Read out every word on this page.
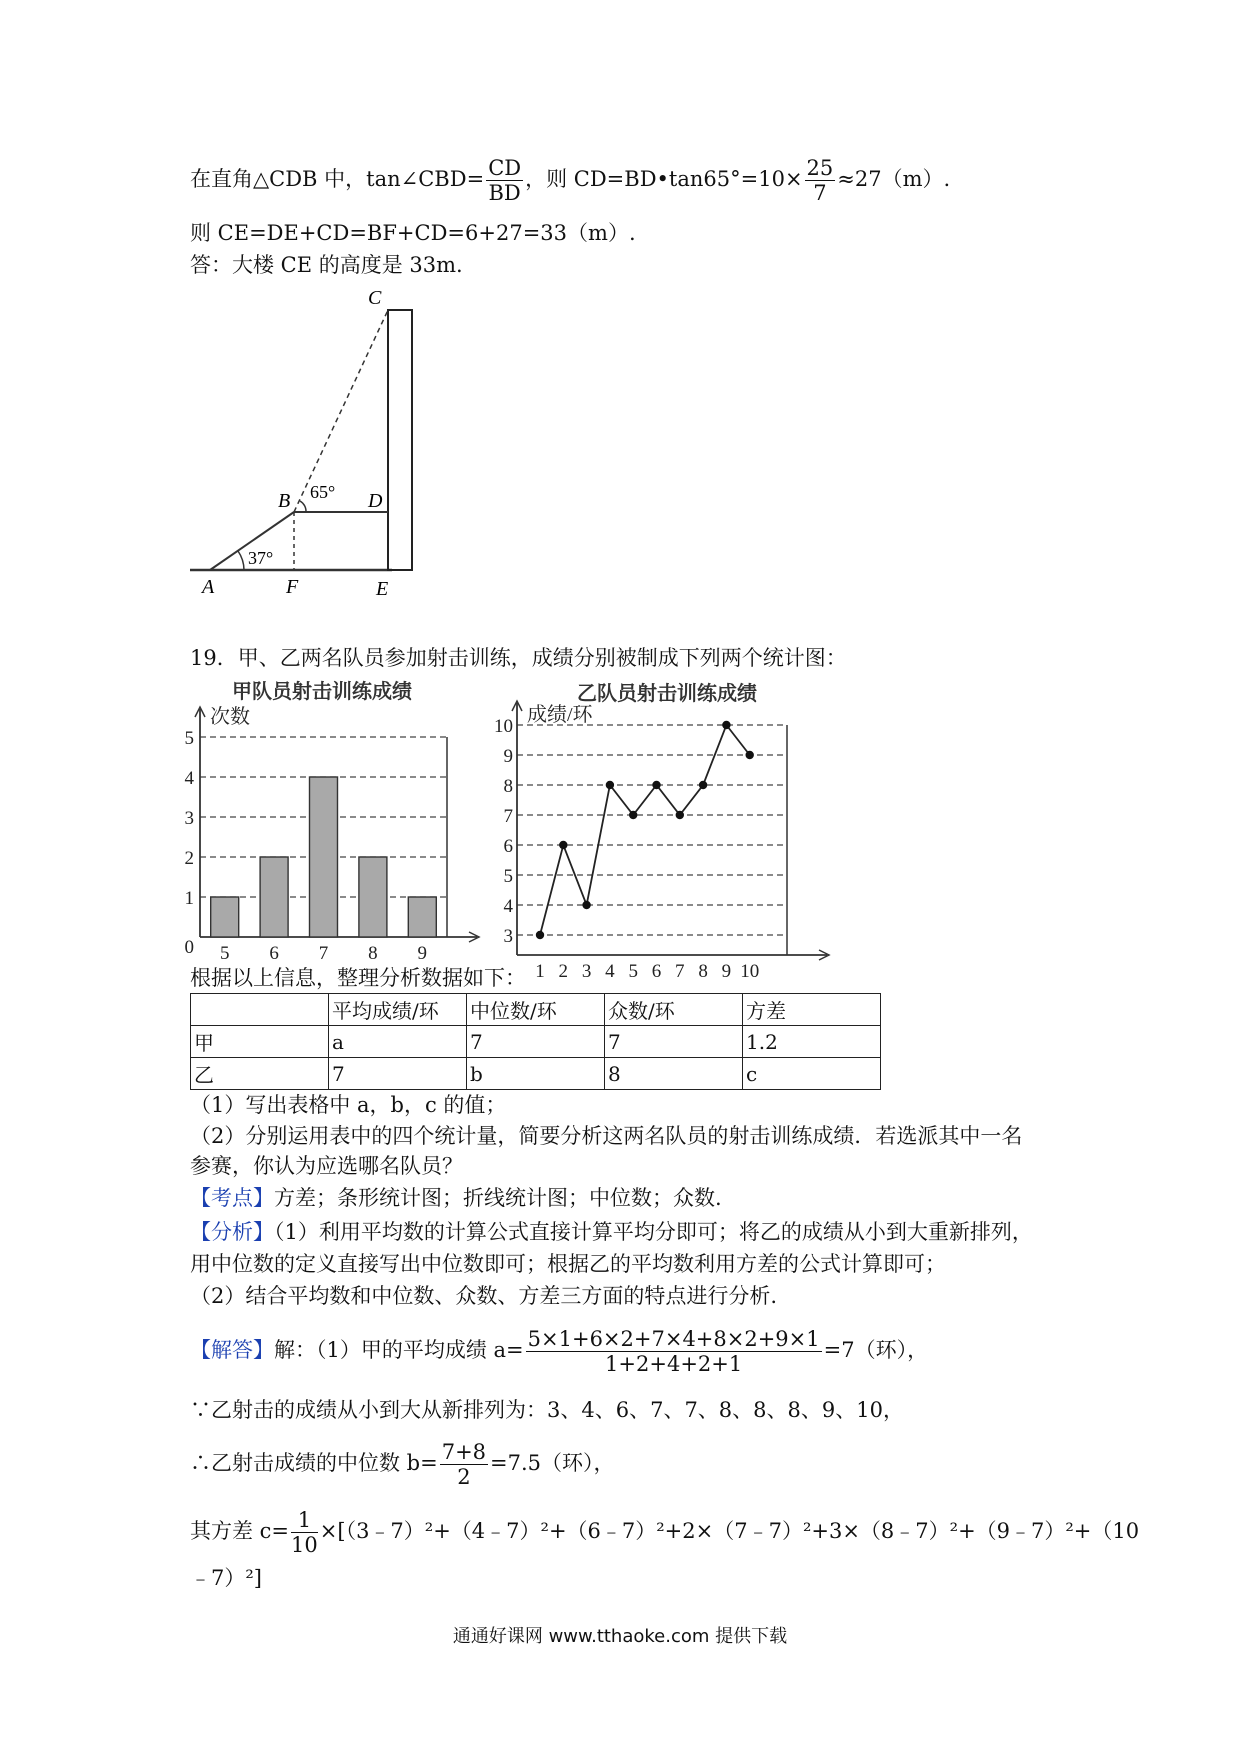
在直角△CDB 中，tan∠CBD= $\frac{CD}{BD}$ ，则 CD=BD•tan65°=10× $\frac{25}{7} \approx 27(m)$.
则 CE=DE+CD=BF+CD=6+27=33（m）.
答：大楼 CE 的高度是 33m.
C
B	D
A	F	E
65°
37°
19．甲、乙两名队员参加射击训练，成绩分别被制成下列两个统计图：
甲队员射击训练成绩	乙队员射击训练成绩
次数
0
1
2
3
4
5
5 6 7 8 9
成绩/环
3
4
5
6
7
8
9
10
1 2 3 4 5 6 7 8 9 10
根据以上信息，整理分析数据如下：
	平均成绩/环	中位数/环	众数/环	方差
甲	a	7	7	1.2
乙	7	b	8	c
（1）写出表格中 a，b，c 的值；
（2）分别运用表中的四个统计量，简要分析这两名队员的射击训练成绩．若选派其中一名
参赛，你认为应选哪名队员？
【考点】方差；条形统计图；折线统计图；中位数；众数.
【分析】（1）利用平均数的计算公式直接计算平均分即可；将乙的成绩从小到大重新排列，
用中位数的定义直接写出中位数即可；根据乙的平均数利用方差的公式计算即可；
（2）结合平均数和中位数、众数、方差三方面的特点进行分析.
【解答】解：（1）甲的平均成绩 $a= \frac{5\times 1+6\times 2+7\times 4+8\times 2+9\times 1}{1+2+4+2+1} =7$（环），
∵乙射击的成绩从小到大从新排列为：3、4、6、7、7、8、8、8、9、10，
∴乙射击成绩的中位数 $b= \frac{7+8}{2} =7.5$（环），
其方差 $c= \frac{1}{10}$ ×[（3﹣7）²+（4﹣7）²+（6﹣7）²+2×（7﹣7）²+3×（8﹣7）²+（9﹣7）²+（10
﹣7）²]
通通好课网 www.tthaoke.com 提供下载
